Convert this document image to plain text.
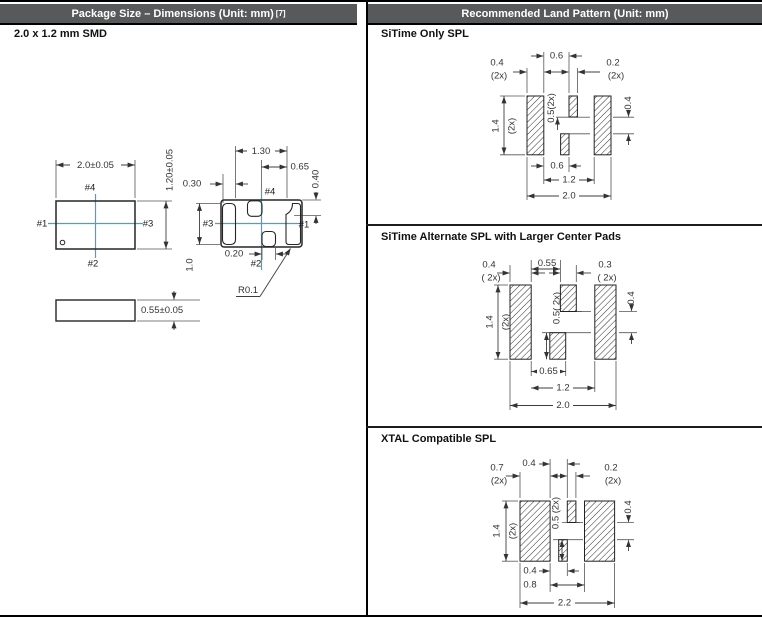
Package Size – Dimensions (Unit: mm) [7]	Recommended Land Pattern (Unit: mm)
2.0 x 1.2 mm SMD	SiTime Only SPL
SiTime Alternate SPL with Larger Center Pads
XTAL Compatible SPL
2.0±0.05	1.20±0.05
#4
#2
#1	#3
0.55±0.05
1.30
0.65
0.30	0.40
1.0
0.20
R0.1
#4
#2
#3	#1
0.4
(2x)
0.6
0.2
(2x)
1.4 (2x)
0.5(2x)	0.4
0.6
1.2
2.0
0.4
( 2x)
0.55	0.3
( 2x)
1.4 (2x)	0.5( 2x)	0.4
0.65
1.2
2.0
0.7
(2x)
0.4	0.2
(2x)
1.4 (2x)
0.5 (2x)	0.4
0.4
0.8
2.2
